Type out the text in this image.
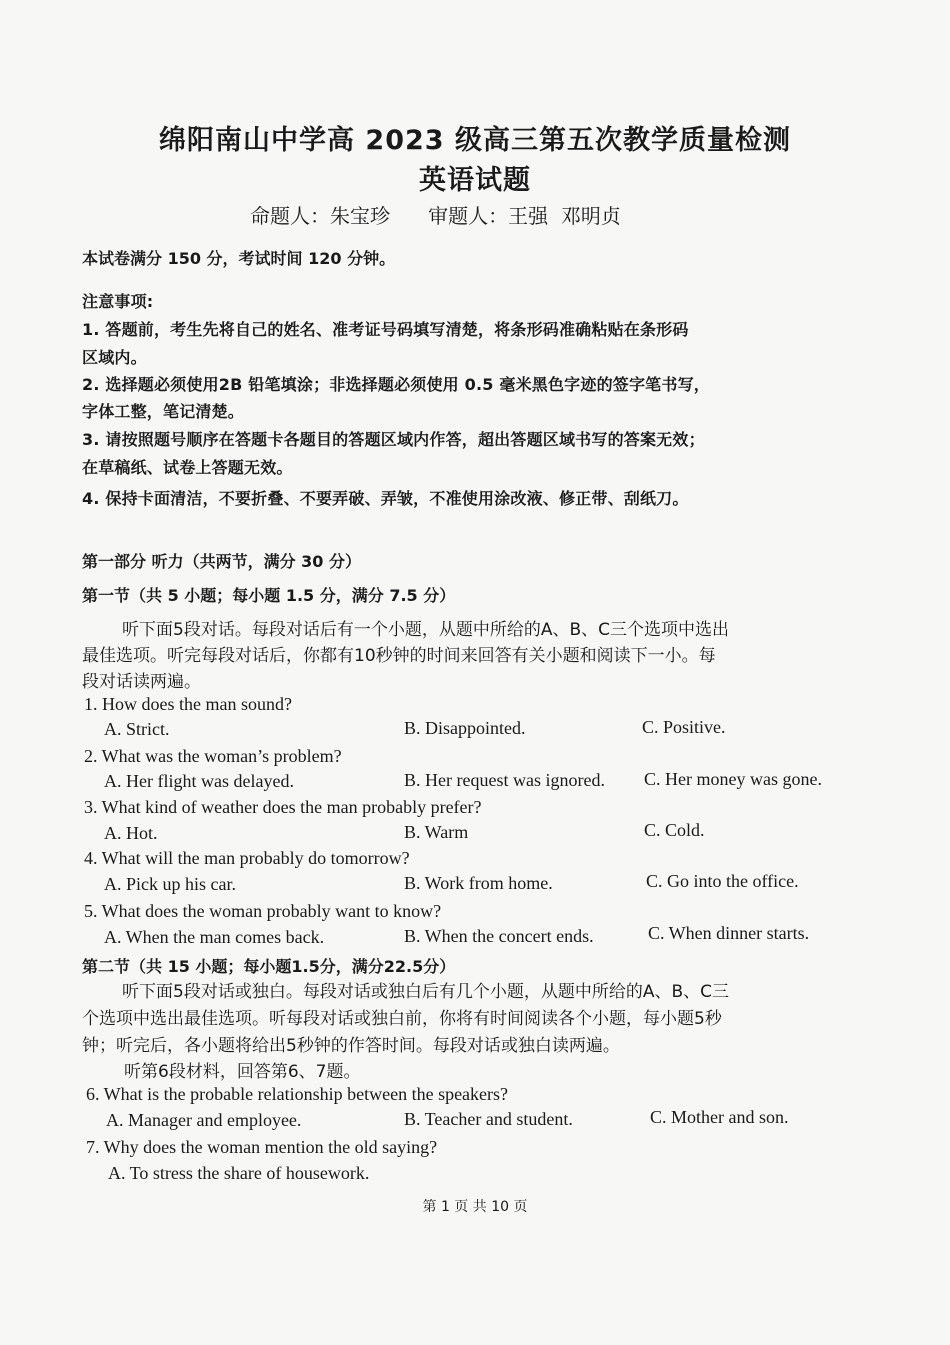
绵阳南山中学高 2023 级高三第五次教学质量检测
英语试题
命题人：朱宝珍      审题人：王强  邓明贞
本试卷满分 150 分，考试时间 120 分钟。
注意事项:
1. 答题前，考生先将自己的姓名、准考证号码填写清楚，将条形码准确粘贴在条形码
区域内。
2. 选择题必须使用2B 铅笔填涂；非选择题必须使用 0.5 毫米黑色字迹的签字笔书写，
字体工整，笔记清楚。
3. 请按照题号顺序在答题卡各题目的答题区域内作答，超出答题区域书写的答案无效；
在草稿纸、试卷上答题无效。
4. 保持卡面清洁，不要折叠、不要弄破、弄皱，不准使用涂改液、修正带、刮纸刀。
第一部分 听力（共两节，满分 30 分）
第一节（共 5 小题；每小题 1.5 分，满分 7.5 分）
听下面5段对话。每段对话后有一个小题，从题中所给的A、B、C三个选项中选出
最佳选项。听完每段对话后，你都有10秒钟的时间来回答有关小题和阅读下一小。每
段对话读两遍。
1. How does the man sound?
A. Strict.	B. Disappointed.	C. Positive.
2. What was the woman’s problem?
A. Her flight was delayed.	B. Her request was ignored. C. Her money was gone.
3. What kind of weather does the man probably prefer?
A. Hot.	B. Warm	C. Cold.
4. What will the man probably do tomorrow?
A. Pick up his car.	B. Work from home.	C. Go into the office.
5. What does the woman probably want to know?
A. When the man comes back.	B. When the concert ends.	C. When dinner starts.
第二节（共 15 小题；每小题1.5分，满分22.5分）
听下面5段对话或独白。每段对话或独白后有几个小题，从题中所给的A、B、C三
个选项中选出最佳选项。听每段对话或独白前，你将有时间阅读各个小题，每小题5秒
钟；听完后，各小题将给出5秒钟的作答时间。每段对话或独白读两遍。
听第6段材料，回答第6、7题。
6. What is the probable relationship between the speakers?
A. Manager and employee.	B. Teacher and student.	C. Mother and son.
7. Why does the woman mention the old saying?
A. To stress the share of housework.
第 1 页 共 10 页
